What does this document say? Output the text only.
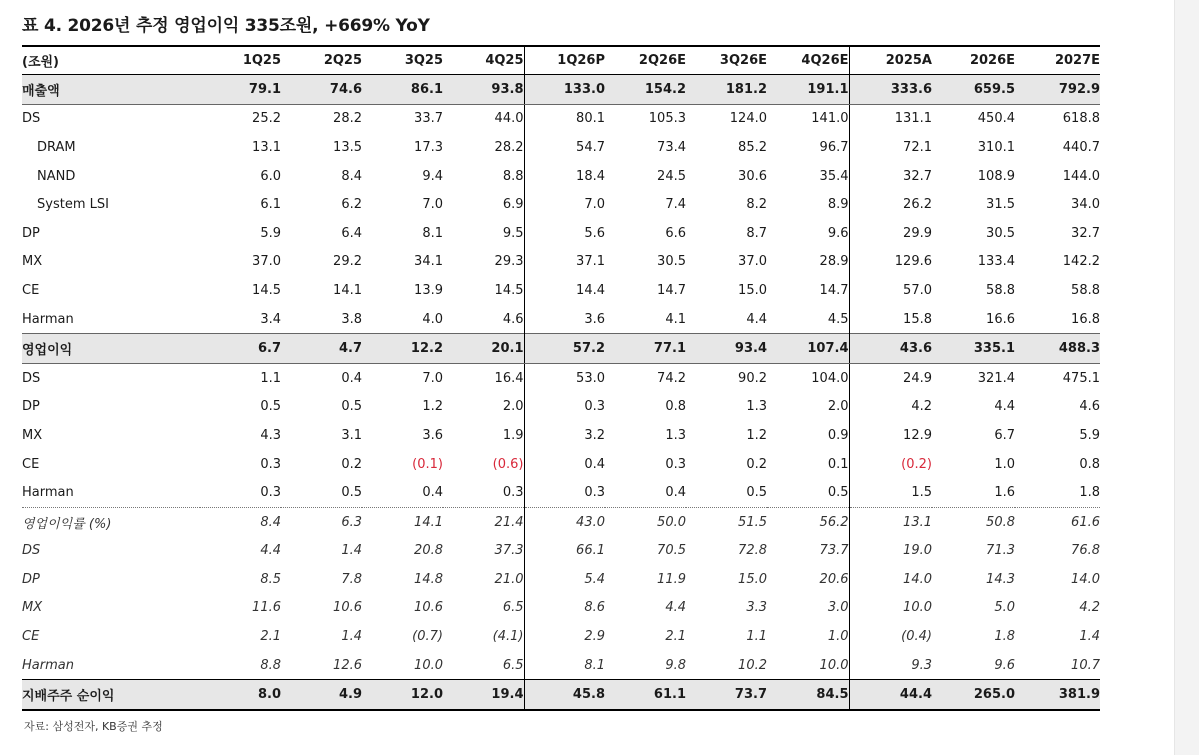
표 4. 2026년 추정 영업이익 335조원, +669% YoY
(조원)	1Q25	2Q25	3Q25	4Q25	1Q26P	2Q26E	3Q26E	4Q26E	2025A	2026E	2027E
매출액	79.1	74.6	86.1	93.8	133.0	154.2	181.2	191.1	333.6	659.5	792.9
DS	25.2	28.2	33.7	44.0	80.1	105.3	124.0	141.0	131.1	450.4	618.8
DRAM	13.1	13.5	17.3	28.2	54.7	73.4	85.2	96.7	72.1	310.1	440.7
NAND	6.0	8.4	9.4	8.8	18.4	24.5	30.6	35.4	32.7	108.9	144.0
System LSI	6.1	6.2	7.0	6.9	7.0	7.4	8.2	8.9	26.2	31.5	34.0
DP	5.9	6.4	8.1	9.5	5.6	6.6	8.7	9.6	29.9	30.5	32.7
MX	37.0	29.2	34.1	29.3	37.1	30.5	37.0	28.9	129.6	133.4	142.2
CE	14.5	14.1	13.9	14.5	14.4	14.7	15.0	14.7	57.0	58.8	58.8
Harman	3.4	3.8	4.0	4.6	3.6	4.1	4.4	4.5	15.8	16.6	16.8
영업이익	6.7	4.7	12.2	20.1	57.2	77.1	93.4	107.4	43.6	335.1	488.3
DS	1.1	0.4	7.0	16.4	53.0	74.2	90.2	104.0	24.9	321.4	475.1
DP	0.5	0.5	1.2	2.0	0.3	0.8	1.3	2.0	4.2	4.4	4.6
MX	4.3	3.1	3.6	1.9	3.2	1.3	1.2	0.9	12.9	6.7	5.9
CE	0.3	0.2	(0.1)	(0.6)	0.4	0.3	0.2	0.1	(0.2)	1.0	0.8
Harman	0.3	0.5	0.4	0.3	0.3	0.4	0.5	0.5	1.5	1.6	1.8
영업이익률 (%)	8.4	6.3	14.1	21.4	43.0	50.0	51.5	56.2	13.1	50.8	61.6
DS	4.4	1.4	20.8	37.3	66.1	70.5	72.8	73.7	19.0	71.3	76.8
DP	8.5	7.8	14.8	21.0	5.4	11.9	15.0	20.6	14.0	14.3	14.0
MX	11.6	10.6	10.6	6.5	8.6	4.4	3.3	3.0	10.0	5.0	4.2
CE	2.1	1.4	(0.7)	(4.1)	2.9	2.1	1.1	1.0	(0.4)	1.8	1.4
Harman	8.8	12.6	10.0	6.5	8.1	9.8	10.2	10.0	9.3	9.6	10.7
지배주주 순이익	8.0	4.9	12.0	19.4	45.8	61.1	73.7	84.5	44.4	265.0	381.9
자료: 삼성전자, KB증권 추정
